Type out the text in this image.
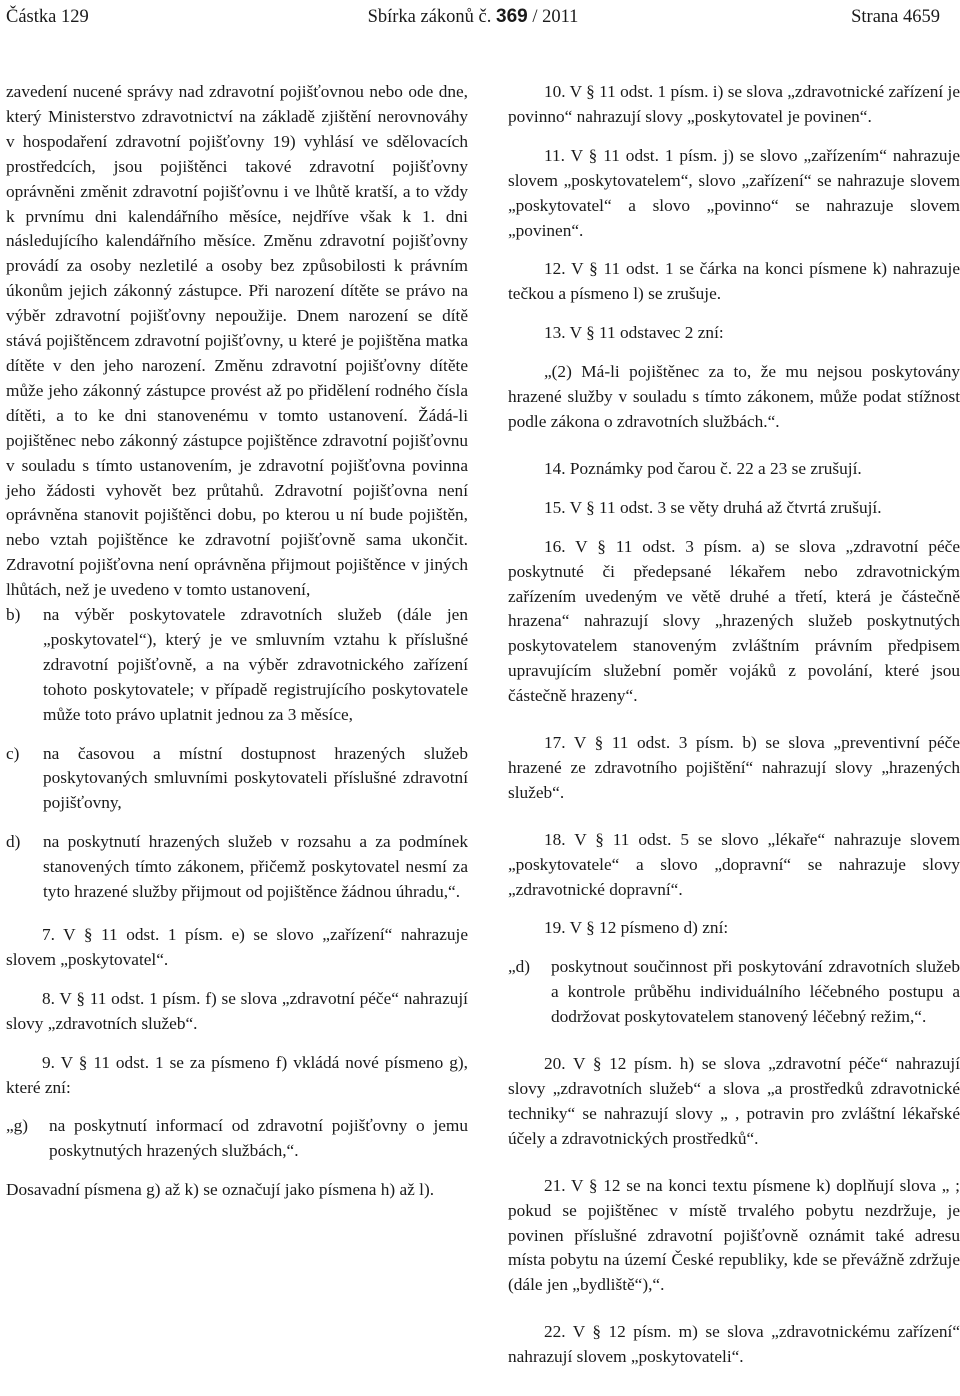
Částka 129	Sbírka zákonů č. 369 / 2011	Strana 4659

zavedení nucené správy nad zdravotní pojišťovnou nebo ode dne, který Ministerstvo zdravotnictví na základě zjištění nerovnováhy v hospodaření zdravotní pojišťovny 19) vyhlásí ve sdělovacích prostředcích, jsou pojištěnci takové zdravotní pojišťovny oprávněni změnit zdravotní pojišťovnu i ve lhůtě kratší, a to vždy k prvnímu dni kalendářního měsíce, nejdříve však k 1. dni následujícího kalendářního měsíce. Změnu zdravotní pojišťovny provádí za osoby nezletilé a osoby bez způsobilosti k právním úkonům jejich zákonný zástupce. Při narození dítěte se právo na výběr zdravotní pojišťovny nepoužije. Dnem narození se dítě stává pojištěncem zdravotní pojišťovny, u které je pojištěna matka dítěte v den jeho narození. Změnu zdravotní pojišťovny dítěte může jeho zákonný zástupce provést až po přidělení rodného čísla dítěti, a to ke dni stanovenému v tomto ustanovení. Žádá-li pojištěnec nebo zákonný zástupce pojištěnce zdravotní pojišťovnu v souladu s tímto ustanovením, je zdravotní pojišťovna povinna jeho žádosti vyhovět bez průtahů. Zdravotní pojišťovna není oprávněna stanovit pojištěnci dobu, po kterou u ní bude pojištěn, nebo vztah pojištěnce ke zdravotní pojišťovně sama ukončit. Zdravotní pojišťovna není oprávněna přijmout pojištěnce v jiných lhůtách, než je uvedeno v tomto ustanovení,

b) na výběr poskytovatele zdravotních služeb (dále jen „poskytovatel“), který je ve smluvním vztahu k příslušné zdravotní pojišťovně, a na výběr zdravotnického zařízení tohoto poskytovatele; v případě registrujícího poskytovatele může toto právo uplatnit jednou za 3 měsíce,

c) na časovou a místní dostupnost hrazených služeb poskytovaných smluvními poskytovateli příslušné zdravotní pojišťovny,

d) na poskytnutí hrazených služeb v rozsahu a za podmínek stanovených tímto zákonem, přičemž poskytovatel nesmí za tyto hrazené služby přijmout od pojištěnce žádnou úhradu,“.

7. V § 11 odst. 1 písm. e) se slovo „zařízení“ nahrazuje slovem „poskytovatel“.

8. V § 11 odst. 1 písm. f) se slova „zdravotní péče“ nahrazují slovy „zdravotních služeb“.

9. V § 11 odst. 1 se za písmeno f) vkládá nové písmeno g), které zní:

„g) na poskytnutí informací od zdravotní pojišťovny o jemu poskytnutých hrazených službách,“.

Dosavadní písmena g) až k) se označují jako písmena h) až l).

10. V § 11 odst. 1 písm. i) se slova „zdravotnické zařízení je povinno“ nahrazují slovy „poskytovatel je povinen“.

11. V § 11 odst. 1 písm. j) se slovo „zařízením“ nahrazuje slovem „poskytovatelem“, slovo „zařízení“ se nahrazuje slovem „poskytovatel“ a slovo „povinno“ se nahrazuje slovem „povinen“.

12. V § 11 odst. 1 se čárka na konci písmene k) nahrazuje tečkou a písmeno l) se zrušuje.

13. V § 11 odstavec 2 zní:

„(2) Má-li pojištěnec za to, že mu nejsou poskytovány hrazené služby v souladu s tímto zákonem, může podat stížnost podle zákona o zdravotních službách.“.

14. Poznámky pod čarou č. 22 a 23 se zrušují.

15. V § 11 odst. 3 se věty druhá až čtvrtá zrušují.

16. V § 11 odst. 3 písm. a) se slova „zdravotní péče poskytnuté či předepsané lékařem nebo zdravotnickým zařízením uvedeným ve větě druhé a třetí, která je částečně hrazena“ nahrazují slovy „hrazených služeb poskytnutých poskytovatelem stanoveným zvláštním právním předpisem upravujícím služební poměr vojáků z povolání, které jsou částečně hrazeny“.

17. V § 11 odst. 3 písm. b) se slova „preventivní péče hrazené ze zdravotního pojištění“ nahrazují slovy „hrazených služeb“.

18. V § 11 odst. 5 se slovo „lékaře“ nahrazuje slovem „poskytovatele“ a slovo „dopravní“ se nahrazuje slovy „zdravotnické dopravní“.

19. V § 12 písmeno d) zní:

„d) poskytnout součinnost při poskytování zdravotních služeb a kontrole průběhu individuálního léčebného postupu a dodržovat poskytovatelem stanovený léčebný režim,“.

20. V § 12 písm. h) se slova „zdravotní péče“ nahrazují slovy „zdravotních služeb“ a slova „a prostředků zdravotnické techniky“ se nahrazují slovy „ , potravin pro zvláštní lékařské účely a zdravotnických prostředků“.

21. V § 12 se na konci textu písmene k) doplňují slova „ ; pokud se pojištěnec v místě trvalého pobytu nezdržuje, je povinen příslušné zdravotní pojišťovně oznámit také adresu místa pobytu na území České republiky, kde se převážně zdržuje (dále jen „bydliště“),“.

22. V § 12 písm. m) se slova „zdravotnickému zařízení“ nahrazují slovem „poskytovateli“.
